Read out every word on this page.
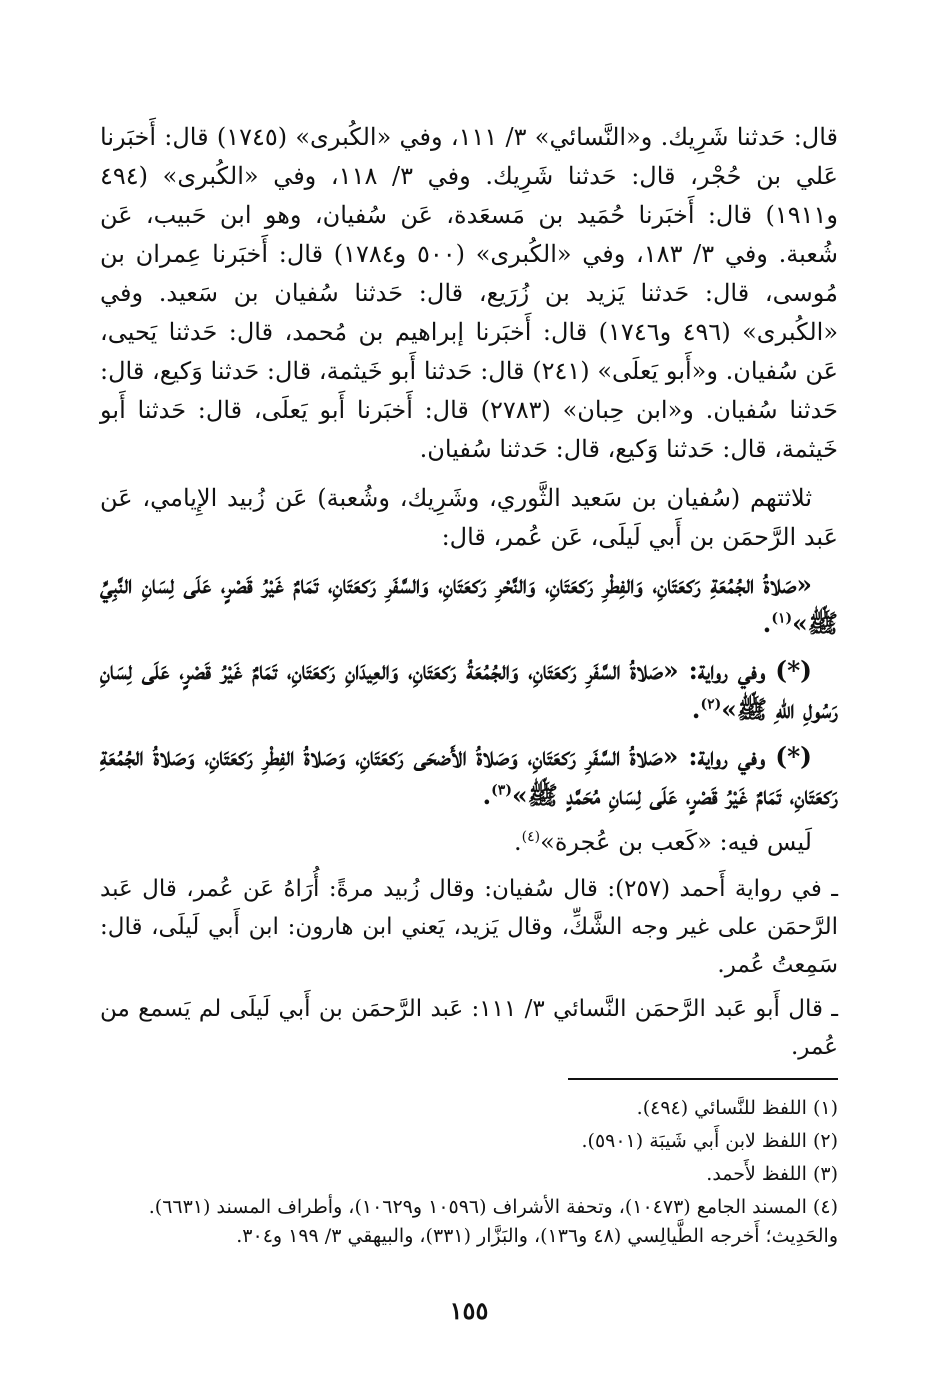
قال: حَدثنا شَرِيك. و«النَّسائي» ٣/ ١١١، وفي «الكُبرى» (١٧٤٥) قال: أَخبَرنا عَلي بن حُجْر، قال: حَدثنا شَرِيك. وفي ٣/ ١١٨، وفي «الكُبرى» (٤٩٤ و١٩١١) قال: أَخبَرنا حُمَيد بن مَسعَدة، عَن سُفيان، وهو ابن حَبيب، عَن شُعبة. وفي ٣/ ١٨٣، وفي «الكُبرى» (٥٠٠ و١٧٨٤) قال: أَخبَرنا عِمران بن مُوسى، قال: حَدثنا يَزيد بن زُرَيع، قال: حَدثنا سُفيان بن سَعيد. وفي «الكُبرى» (٤٩٦ و١٧٤٦) قال: أَخبَرنا إبراهيم بن مُحمد، قال: حَدثنا يَحيى، عَن سُفيان. و«أَبو يَعلَى» (٢٤١) قال: حَدثنا أَبو خَيثمة، قال: حَدثنا وَكيع، قال: حَدثنا سُفيان. و«ابن حِبان» (٢٧٨٣) قال: أَخبَرنا أَبو يَعلَى، قال: حَدثنا أَبو خَيثمة، قال: حَدثنا وَكيع، قال: حَدثنا سُفيان.

ثلاثتهم (سُفيان بن سَعيد الثَّوري، وشَرِيك، وشُعبة) عَن زُبيد الإِيامي، عَن عَبد الرَّحمَن بن أَبي لَيلَى، عَن عُمر، قال:

«صَلاةُ الجُمُعَةِ رَكعَتَانِ، وَالفِطْرِ رَكعَتَانِ، وَالنَّحْرِ رَكعَتَانِ، وَالسَّفَرِ رَكعَتَانِ، تَمَامٌ غَيْرُ قَصْرٍ، عَلَى لِسَانِ النَّبِيِّ ﷺ»$^{(١)}$.

(*) وفي رواية: «صَلاةُ السَّفَرِ رَكعَتَانِ، وَالجُمُعَةُ رَكعَتَانِ، وَالعِيدَانِ رَكعَتَانِ، تَمَامٌ غَيْرُ قَصْرٍ، عَلَى لِسَانِ رَسُولِ اللهِ ﷺ»$^{(٢)}$.

(*) وفي رواية: «صَلاةُ السَّفَرِ رَكعَتَانِ، وَصَلاةُ الأَضحَى رَكعَتَانِ، وَصَلاةُ الفِطْرِ رَكعَتَانِ، وَصَلاةُ الجُمُعَةِ رَكعَتَانِ، تَمَامٌ غَيْرُ قَصْرٍ، عَلَى لِسَانِ مُحَمَّدٍ ﷺ»$^{(٣)}$.

لَيس فيه: «كَعب بن عُجرة»$^{(٤)}$.

ـ في رواية أَحمد (٢٥٧): قال سُفيان: وقال زُبيد مرةً: أُرَاهُ عَن عُمر، قال عَبد الرَّحمَن على غير وجه الشَّكِّ، وقال يَزيد، يَعني ابن هارون: ابن أَبي لَيلَى، قال: سَمِعتُ عُمر.

ـ قال أَبو عَبد الرَّحمَن النَّسائي ٣/ ١١١: عَبد الرَّحمَن بن أَبي لَيلَى لم يَسمع من عُمر.

(١) اللفظ للنَّسائي (٤٩٤).

(٢) اللفظ لابن أَبي شَيبَة (٥٩٠١).

(٣) اللفظ لأَحمد.

(٤) المسند الجامع (١٠٤٧٣)، وتحفة الأشراف (١٠٥٩٦ و١٠٦٢٩)، وأطراف المسند (٦٦٣١). والحَدِيث؛ أَخرجه الطَّيالِسي (٤٨ و١٣٦)، والبَزَّار (٣٣١)، والبيهقي ٣/ ١٩٩ و٣٠٤.

١٥٥
